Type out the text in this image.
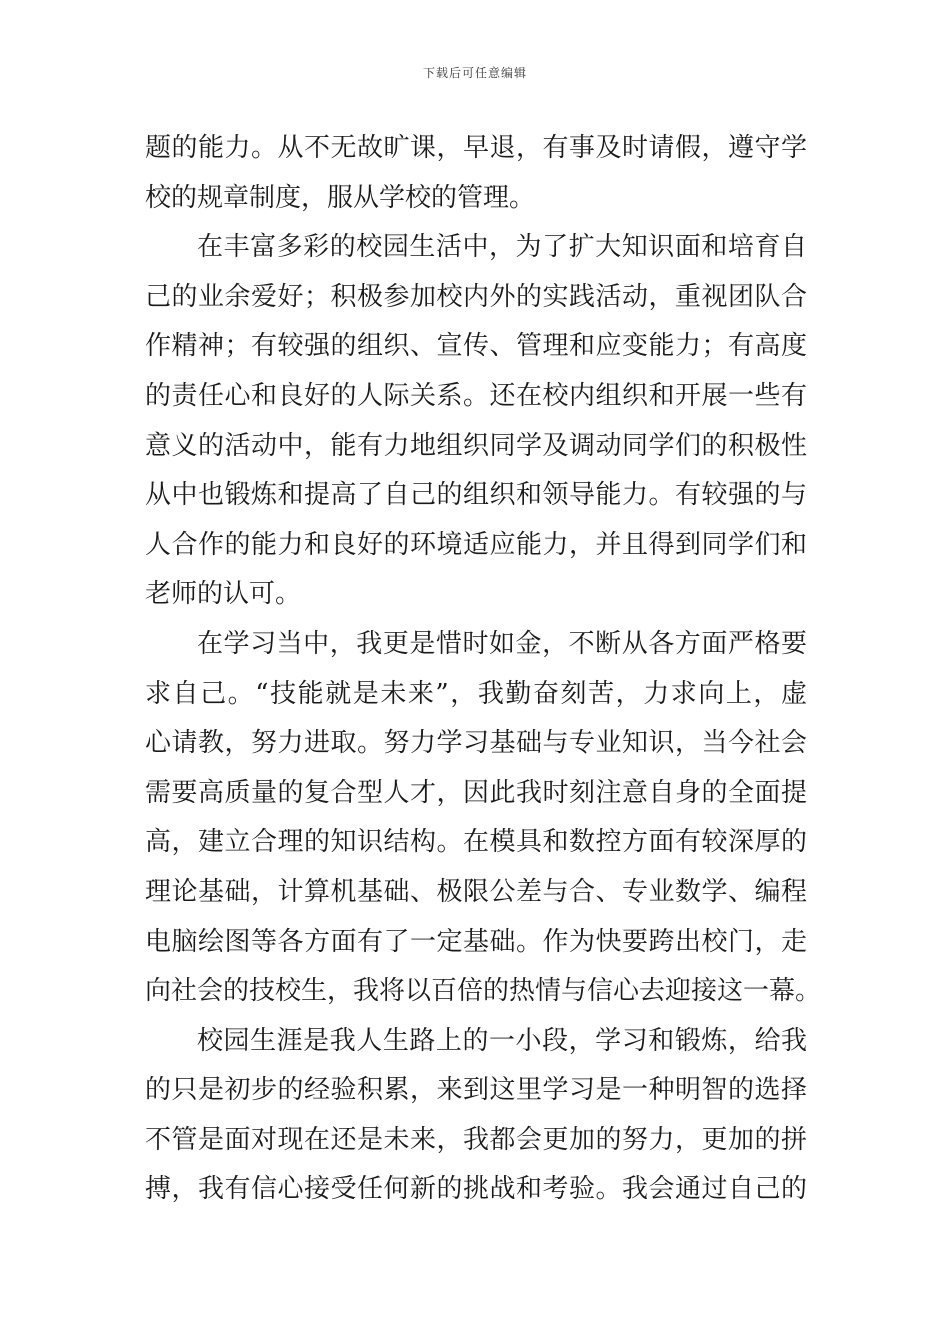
下载后可任意编辑
题的能力。从不无故旷课，早退，有事及时请假，遵守学
校的规章制度，服从学校的管理。
在丰富多彩的校园生活中，为了扩大知识面和培育自
己的业余爱好；积极参加校内外的实践活动，重视团队合
作精神；有较强的组织、宣传、管理和应变能力；有高度
的责任心和良好的人际关系。还在校内组织和开展一些有
意义的活动中，能有力地组织同学及调动同学们的积极性
从中也锻炼和提高了自己的组织和领导能力。有较强的与
人合作的能力和良好的环境适应能力，并且得到同学们和
老师的认可。
在学习当中，我更是惜时如金，不断从各方面严格要
求自己。“技能就是未来”，我勤奋刻苦，力求向上，虚
心请教，努力进取。努力学习基础与专业知识，当今社会
需要高质量的复合型人才，因此我时刻注意自身的全面提
高，建立合理的知识结构。在模具和数控方面有较深厚的
理论基础，计算机基础、极限公差与合、专业数学、编程
电脑绘图等各方面有了一定基础。作为快要跨出校门，走
向社会的技校生，我将以百倍的热情与信心去迎接这一幕。
校园生涯是我人生路上的一小段，学习和锻炼，给我
的只是初步的经验积累，来到这里学习是一种明智的选择
不管是面对现在还是未来，我都会更加的努力，更加的拼
搏，我有信心接受任何新的挑战和考验。我会通过自己的
